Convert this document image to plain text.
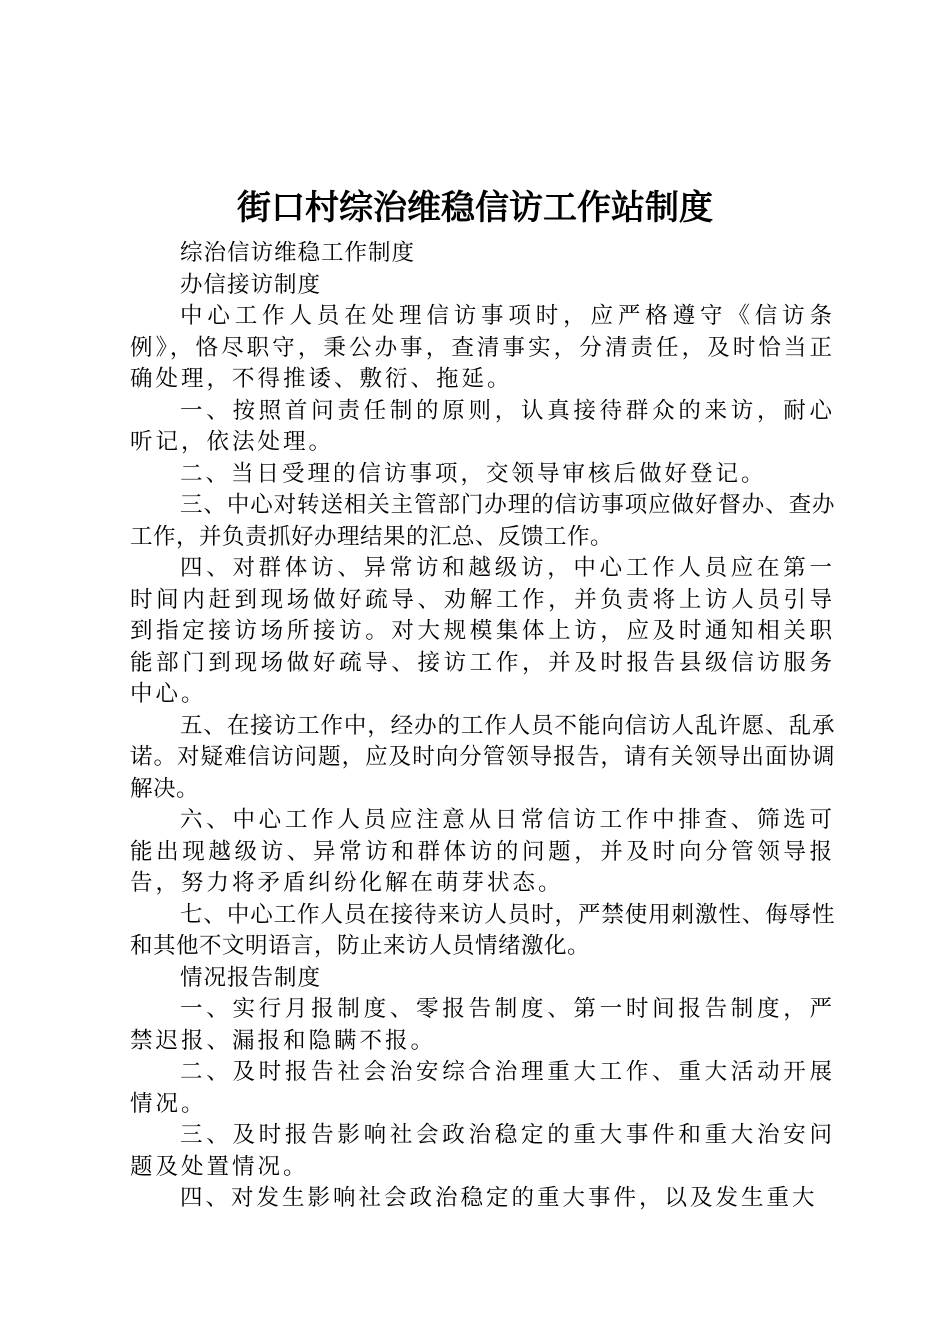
街口村综治维稳信访工作站制度

综治信访维稳工作制度

办信接访制度

中心工作人员在处理信访事项时，应严格遵守《信访条例》，恪尽职守，秉公办事，查清事实，分清责任，及时恰当正确处理，不得推诿、敷衍、拖延。

一、按照首问责任制的原则，认真接待群众的来访，耐心听记，依法处理。

二、当日受理的信访事项，交领导审核后做好登记。

三、中心对转送相关主管部门办理的信访事项应做好督办、查办工作，并负责抓好办理结果的汇总、反馈工作。

四、对群体访、异常访和越级访，中心工作人员应在第一时间内赶到现场做好疏导、劝解工作，并负责将上访人员引导到指定接访场所接访。对大规模集体上访，应及时通知相关职能部门到现场做好疏导、接访工作，并及时报告县级信访服务中心。

五、在接访工作中，经办的工作人员不能向信访人乱许愿、乱承诺。对疑难信访问题，应及时向分管领导报告，请有关领导出面协调解决。

六、中心工作人员应注意从日常信访工作中排查、筛选可能出现越级访、异常访和群体访的问题，并及时向分管领导报告，努力将矛盾纠纷化解在萌芽状态。

七、中心工作人员在接待来访人员时，严禁使用刺激性、侮辱性和其他不文明语言，防止来访人员情绪激化。

情况报告制度

一、实行月报制度、零报告制度、第一时间报告制度，严禁迟报、漏报和隐瞒不报。

二、及时报告社会治安综合治理重大工作、重大活动开展情况。

三、及时报告影响社会政治稳定的重大事件和重大治安问题及处置情况。

四、对发生影响社会政治稳定的重大事件，以及发生重大
